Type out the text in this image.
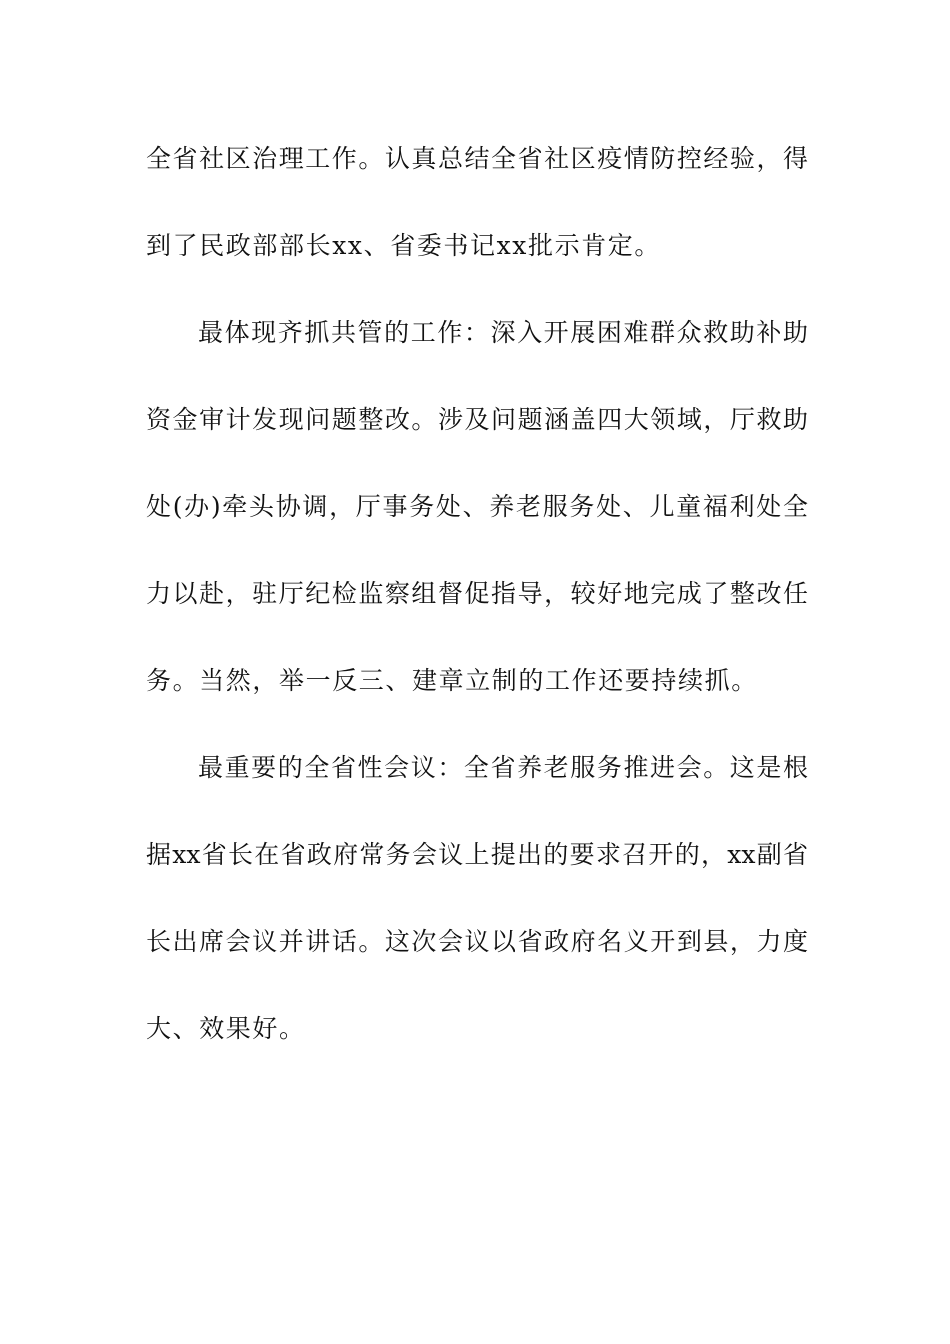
全省社区治理工作。认真总结全省社区疫情防控经验，得
到了民政部部长xx、省委书记xx批示肯定。
最体现齐抓共管的工作：深入开展困难群众救助补助
资金审计发现问题整改。涉及问题涵盖四大领域，厅救助
处(办)牵头协调，厅事务处、养老服务处、儿童福利处全
力以赴，驻厅纪检监察组督促指导，较好地完成了整改任
务。当然，举一反三、建章立制的工作还要持续抓。
最重要的全省性会议：全省养老服务推进会。这是根
据xx省长在省政府常务会议上提出的要求召开的，xx副省
长出席会议并讲话。这次会议以省政府名义开到县，力度
大、效果好。
